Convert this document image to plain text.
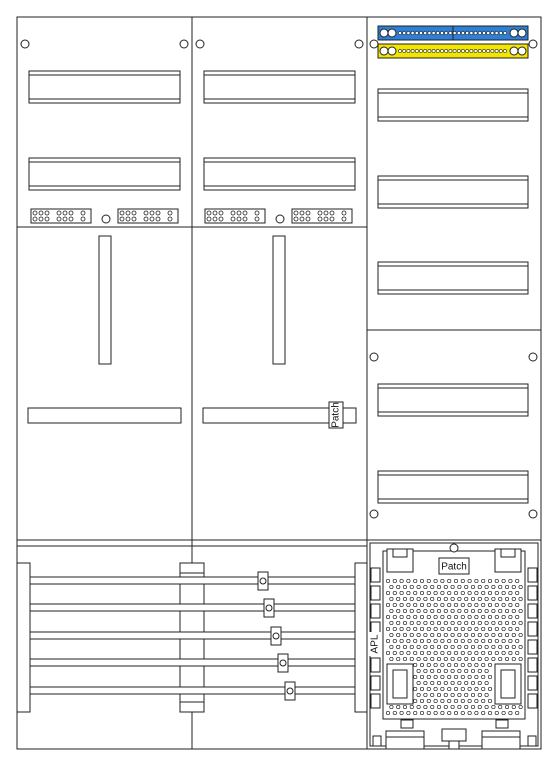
Patch
Patch
APL
